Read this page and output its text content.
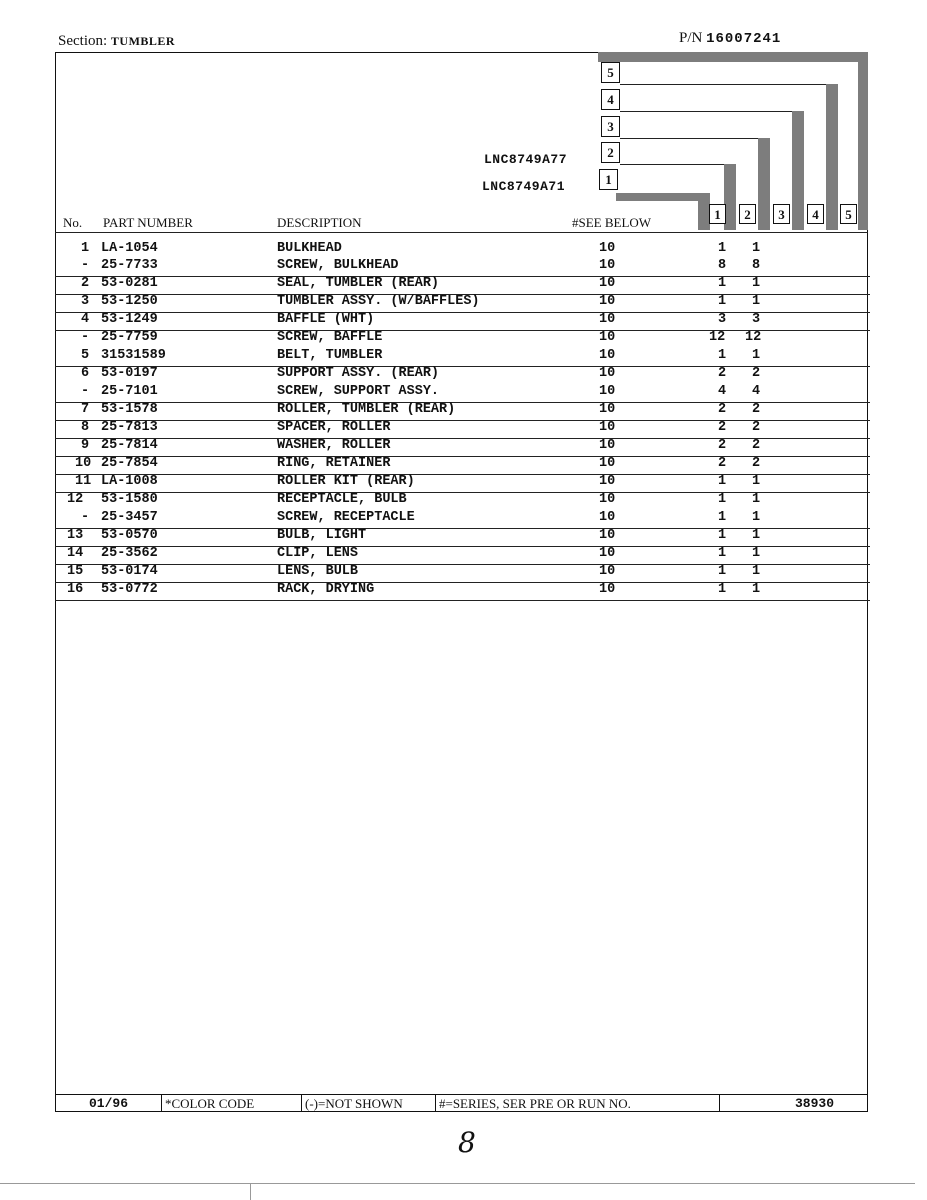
Section: TUMBLER	P/N 16007241
5
4
3
2
1
LNC8749A77
LNC8749A71
1	2	3	4	5
No. PART NUMBER	DESCRIPTION	#SEE BELOW
1 LA-1054	BULKHEAD	10	1 1
- 25-7733	SCREW, BULKHEAD	10	8 8
2 53-0281	SEAL, TUMBLER (REAR)	10	1 1
3 53-1250	TUMBLER ASSY. (W/BAFFLES)	10	1 1
4 53-1249	BAFFLE (WHT)	10	3 3
- 25-7759	SCREW, BAFFLE	10	12 12
5 31531589	BELT, TUMBLER	10	1 1
6 53-0197	SUPPORT ASSY. (REAR)	10	2 2
- 25-7101	SCREW, SUPPORT ASSY.	10	4 4
7 53-1578	ROLLER, TUMBLER (REAR)	10	2 2
8 25-7813	SPACER, ROLLER	10	2 2
9 25-7814	WASHER, ROLLER	10	2 2
10 25-7854	RING, RETAINER	10	2 2
11 LA-1008	ROLLER KIT (REAR)	10	1 1
12 53-1580	RECEPTACLE, BULB	10	1 1
- 25-3457	SCREW, RECEPTACLE	10	1 1
13 53-0570	BULB, LIGHT	10	1 1
14 25-3562	CLIP, LENS	10	1 1
15 53-0174	LENS, BULB	10	1 1
16 53-0772	RACK, DRYING	10	1 1
01/96	*COLOR CODE	(-)=NOT SHOWN	#=SERIES, SER PRE OR RUN NO.	38930
8
